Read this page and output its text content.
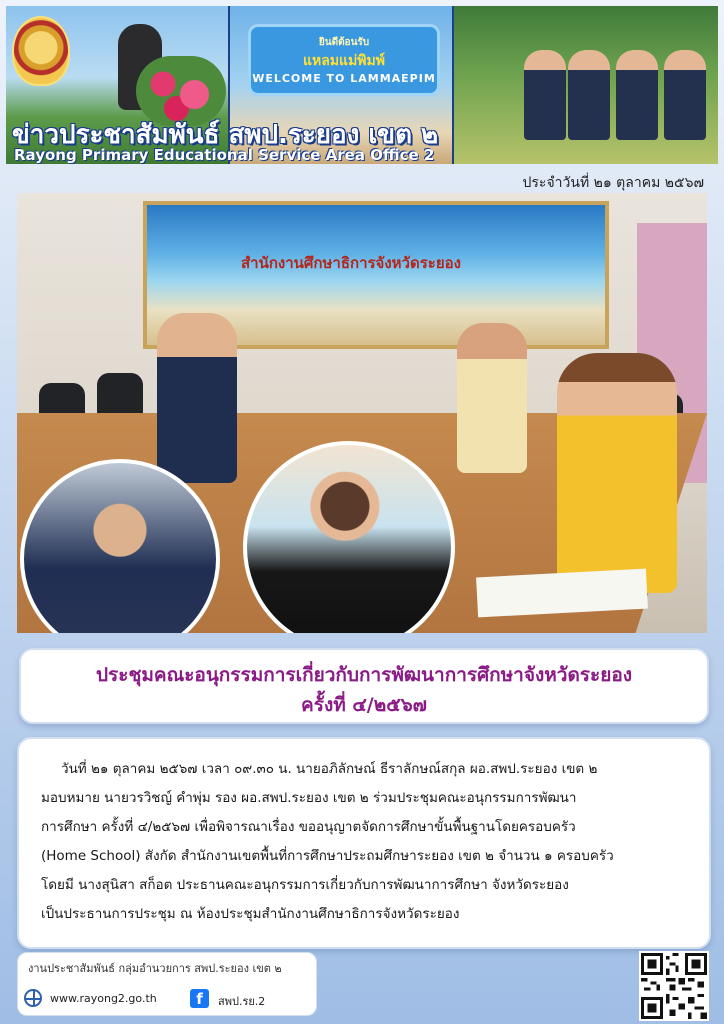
ยินดีต้อนรับ
แหลมแม่พิมพ์
WELCOME TO LAMMAEPIM
ข่าวประชาสัมพันธ์ สพป.ระยอง เขต ๒
Rayong Primary Educational Service Area Office 2
ประจำวันที่ ๒๑ ตุลาคม ๒๕๖๗
สำนักงานศึกษาธิการจังหวัดระยอง
ประชุมคณะอนุกรรมการเกี่ยวกับการพัฒนาการศึกษาจังหวัดระยอง
ครั้งที่ ๔/๒๕๖๗
วันที่ ๒๑ ตุลาคม ๒๕๖๗ เวลา ๐๙.๓๐ น. นายอภิลักษณ์ ธีราลักษณ์สกุล ผอ.สพป.ระยอง เขต ๒
มอบหมาย นายวรวิชญ์ คำพุ่ม รอง ผอ.สพป.ระยอง เขต ๒ ร่วมประชุมคณะอนุกรรมการพัฒนา
การศึกษา ครั้งที่ ๔/๒๕๖๗ เพื่อพิจารณาเรื่อง ขออนุญาตจัดการศึกษาขั้นพื้นฐานโดยครอบครัว
(Home School) สังกัด สำนักงานเขตพื้นที่การศึกษาประถมศึกษาระยอง เขต ๒ จำนวน ๑ ครอบครัว
โดยมี นางสุนิสา สก็อต ประธานคณะอนุกรรมการเกี่ยวกับการพัฒนาการศึกษา จังหวัดระยอง
เป็นประธานการประชุม ณ ห้องประชุมสำนักงานศึกษาธิการจังหวัดระยอง
งานประชาสัมพันธ์ กลุ่มอำนวยการ สพป.ระยอง เขต ๒
www.rayong2.go.th	f	สพป.รย.2
